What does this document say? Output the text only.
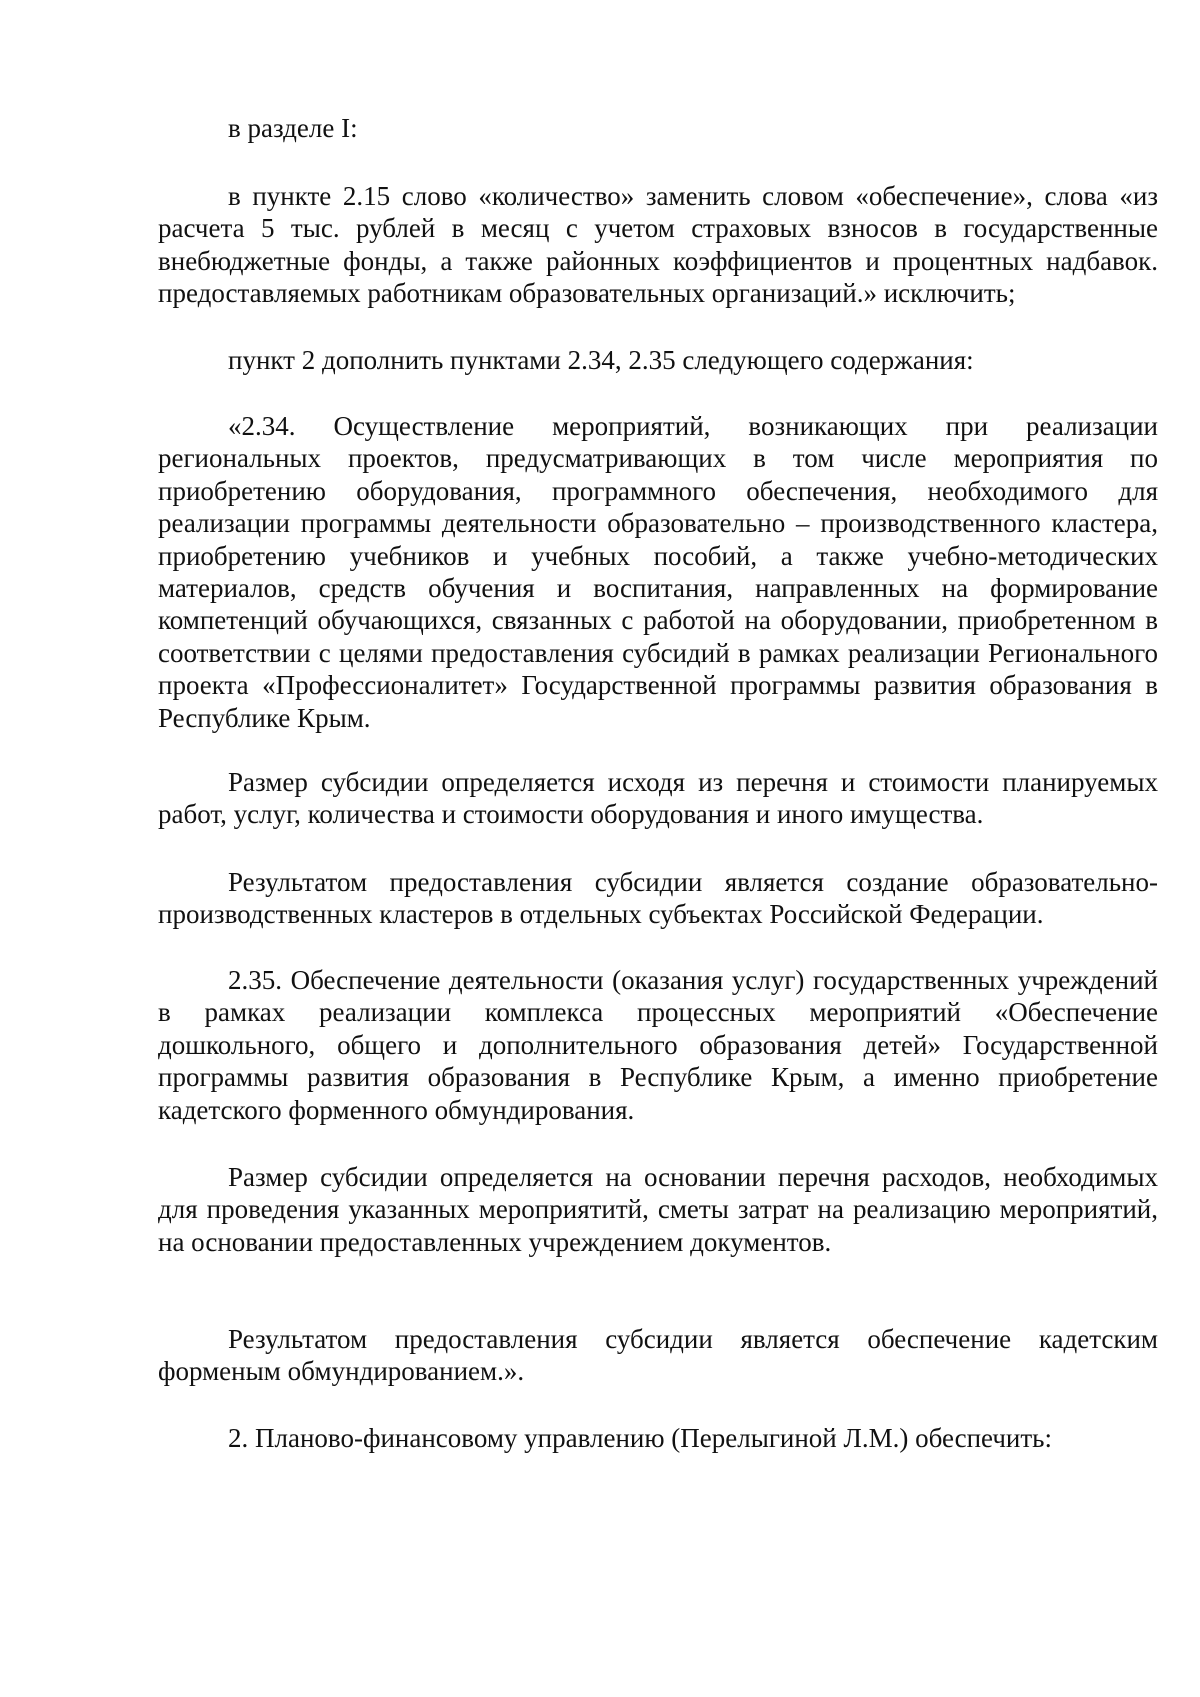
в разделе I:

в пункте 2.15 слово «количество» заменить словом «обеспечение», слова «из расчета 5 тыс. рублей в месяц с учетом страховых взносов в государственные внебюджетные фонды, а также районных коэффициентов и процентных надбавок. предоставляемых работникам образовательных организаций.» исключить;

пункт 2 дополнить пунктами 2.34, 2.35 следующего содержания:

«2.34. Осуществление мероприятий, возникающих при реализации региональных проектов, предусматривающих в том числе мероприятия по приобретению оборудования, программного обеспечения, необходимого для реализации программы деятельности образовательно – производственного кластера, приобретению учебников и учебных пособий, а также учебно-методических материалов, средств обучения и воспитания, направленных на формирование компетенций обучающихся, связанных с работой на оборудовании, приобретенном в соответствии с целями предоставления субсидий в рамках реализации Регионального проекта «Профессионалитет» Государственной программы развития образования в Республике Крым.

Размер субсидии определяется исходя из перечня и стоимости планируемых работ, услуг, количества и стоимости оборудования и иного имущества.

Результатом предоставления субсидии является создание образовательно-производственных кластеров в отдельных субъектах Российской Федерации.

2.35. Обеспечение деятельности (оказания услуг) государственных учреждений в рамках реализации комплекса процессных мероприятий «Обеспечение дошкольного, общего и дополнительного образования детей» Государственной программы развития образования в Республике Крым, а именно приобретение кадетского форменного обмундирования.

Размер субсидии определяется на основании перечня расходов, необходимых для проведения указанных мероприятитй, сметы затрат на реализацию мероприятий, на основании предоставленных учреждением документов.

Результатом предоставления субсидии является обеспечение кадетским форменым обмундированием.».

2. Планово-финансовому управлению (Перелыгиной Л.М.) обеспечить:
